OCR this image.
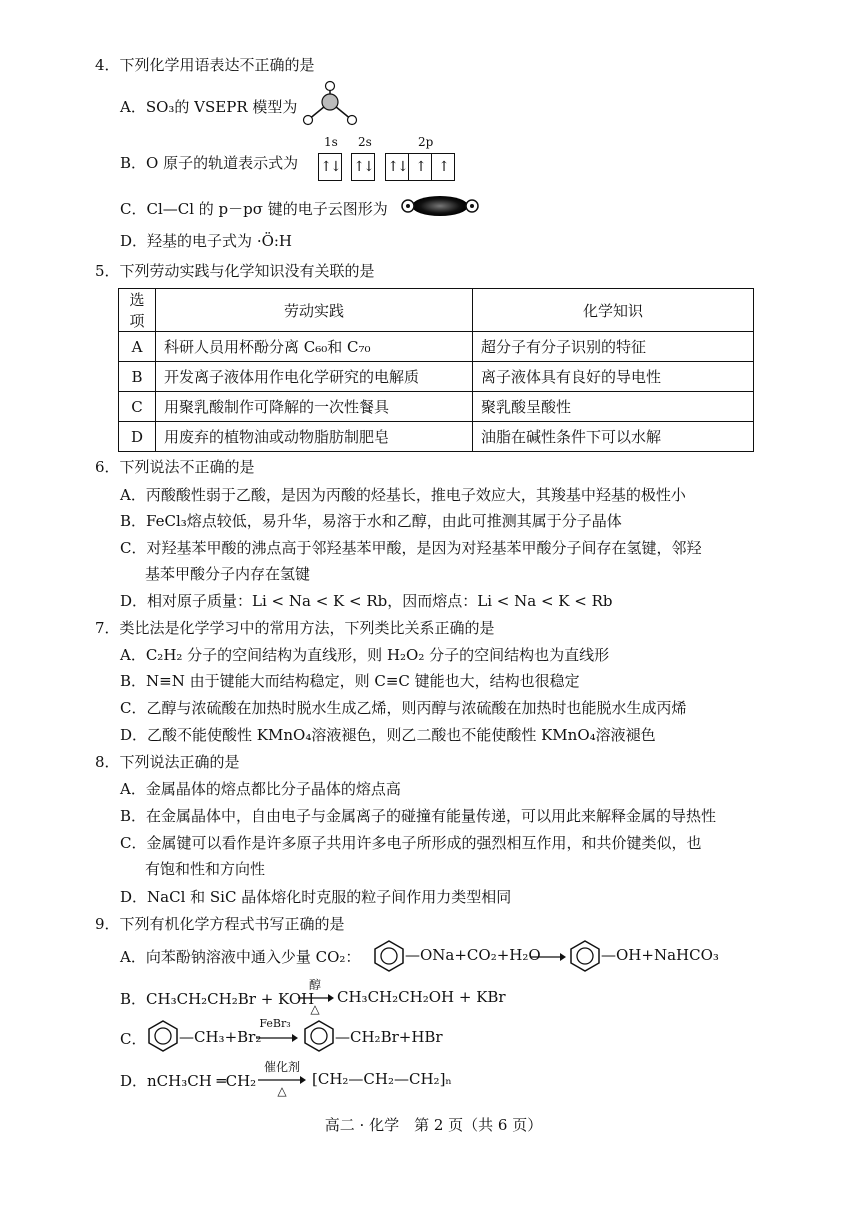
4．下列化学用语表达不正确的是
A．SO₃的 VSEPR 模型为
B．O 原子的轨道表示式为
1s 2s	2p
↑↓ ↑↓ ↑↓ ↑ ↑
C．Cl—Cl 的 p－pσ 键的电子云图形为
D．羟基的电子式为 ·Ö:H
5．下列劳动实践与化学知识没有关联的是
选项	劳动实践	化学知识
A	科研人员用杯酚分离 C₆₀和 C₇₀	超分子有分子识别的特征
B	开发离子液体用作电化学研究的电解质	离子液体具有良好的导电性
C	用聚乳酸制作可降解的一次性餐具	聚乳酸呈酸性
D	用废弃的植物油或动物脂肪制肥皂	油脂在碱性条件下可以水解
6．下列说法不正确的是
A．丙酸酸性弱于乙酸，是因为丙酸的烃基长，推电子效应大，其羧基中羟基的极性小
B．FeCl₃熔点较低，易升华，易溶于水和乙醇，由此可推测其属于分子晶体
C．对羟基苯甲酸的沸点高于邻羟基苯甲酸，是因为对羟基苯甲酸分子间存在氢键，邻羟
基苯甲酸分子内存在氢键
D．相对原子质量：Li < Na < K < Rb，因而熔点：Li < Na < K < Rb
7．类比法是化学学习中的常用方法，下列类比关系正确的是
A．C₂H₂ 分子的空间结构为直线形，则 H₂O₂ 分子的空间结构也为直线形
B．N≡N 由于键能大而结构稳定，则 C≡C 键能也大，结构也很稳定
C．乙醇与浓硫酸在加热时脱水生成乙烯，则丙醇与浓硫酸在加热时也能脱水生成丙烯
D．乙酸不能使酸性 KMnO₄溶液褪色，则乙二酸也不能使酸性 KMnO₄溶液褪色
8．下列说法正确的是
A．金属晶体的熔点都比分子晶体的熔点高
B．在金属晶体中，自由电子与金属离子的碰撞有能量传递，可以用此来解释金属的导热性
C．金属键可以看作是许多原子共用许多电子所形成的强烈相互作用，和共价键类似，也
有饱和性和方向性
D．NaCl 和 SiC 晶体熔化时克服的粒子间作用力类型相同
9．下列有机化学方程式书写正确的是
A．向苯酚钠溶液中通入少量 CO₂：	—ONa+CO₂+H₂O	—OH+NaHCO₃
B．CH₃CH₂CH₂Br + KOH
醇
△
CH₃CH₂CH₂OH + KBr
C． —CH₃+Br₂
FeBr₃
—CH₂Br+HBr
D．nCH₃CH ═CH₂
催化剂
△
[CH₂—CH₂—CH₂]ₙ
高二 · 化学　第 2 页（共 6 页）
